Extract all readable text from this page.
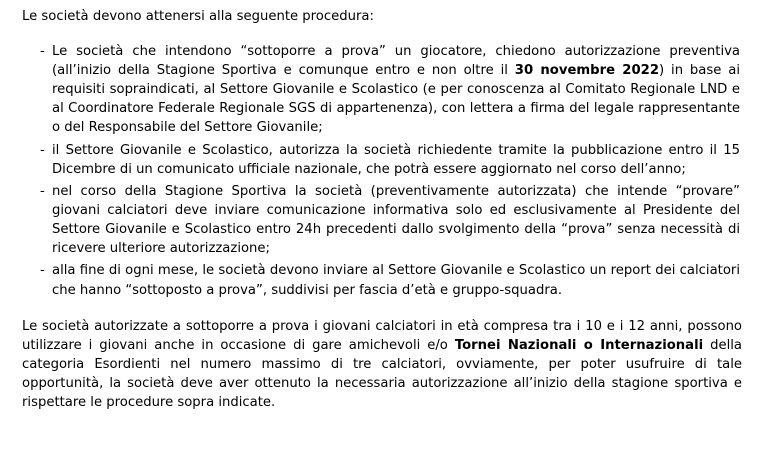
Le società devono attenersi alla seguente procedura:

- Le società che intendono “sottoporre a prova” un giocatore, chiedono autorizzazione preventiva (all’inizio della Stagione Sportiva e comunque entro e non oltre il 30 novembre 2022) in base ai requisiti sopraindicati, al Settore Giovanile e Scolastico (e per conoscenza al Comitato Regionale LND e al Coordinatore Federale Regionale SGS di appartenenza), con lettera a firma del legale rappresentante o del Responsabile del Settore Giovanile;
- il Settore Giovanile e Scolastico, autorizza la società richiedente tramite la pubblicazione entro il 15 Dicembre di un comunicato ufficiale nazionale, che potrà essere aggiornato nel corso dell’anno;
- nel corso della Stagione Sportiva la società (preventivamente autorizzata) che intende “provare” giovani calciatori deve inviare comunicazione informativa solo ed esclusivamente al Presidente del Settore Giovanile e Scolastico entro 24h precedenti dallo svolgimento della “prova” senza necessità di ricevere ulteriore autorizzazione;
- alla fine di ogni mese, le società devono inviare al Settore Giovanile e Scolastico un report dei calciatori che hanno “sottoposto a prova”, suddivisi per fascia d’età e gruppo-squadra.

Le società autorizzate a sottoporre a prova i giovani calciatori in età compresa tra i 10 e i 12 anni, possono utilizzare i giovani anche in occasione di gare amichevoli e/o Tornei Nazionali o Internazionali della categoria Esordienti nel numero massimo di tre calciatori, ovviamente, per poter usufruire di tale opportunità, la società deve aver ottenuto la necessaria autorizzazione all’inizio della stagione sportiva e rispettare le procedure sopra indicate.
